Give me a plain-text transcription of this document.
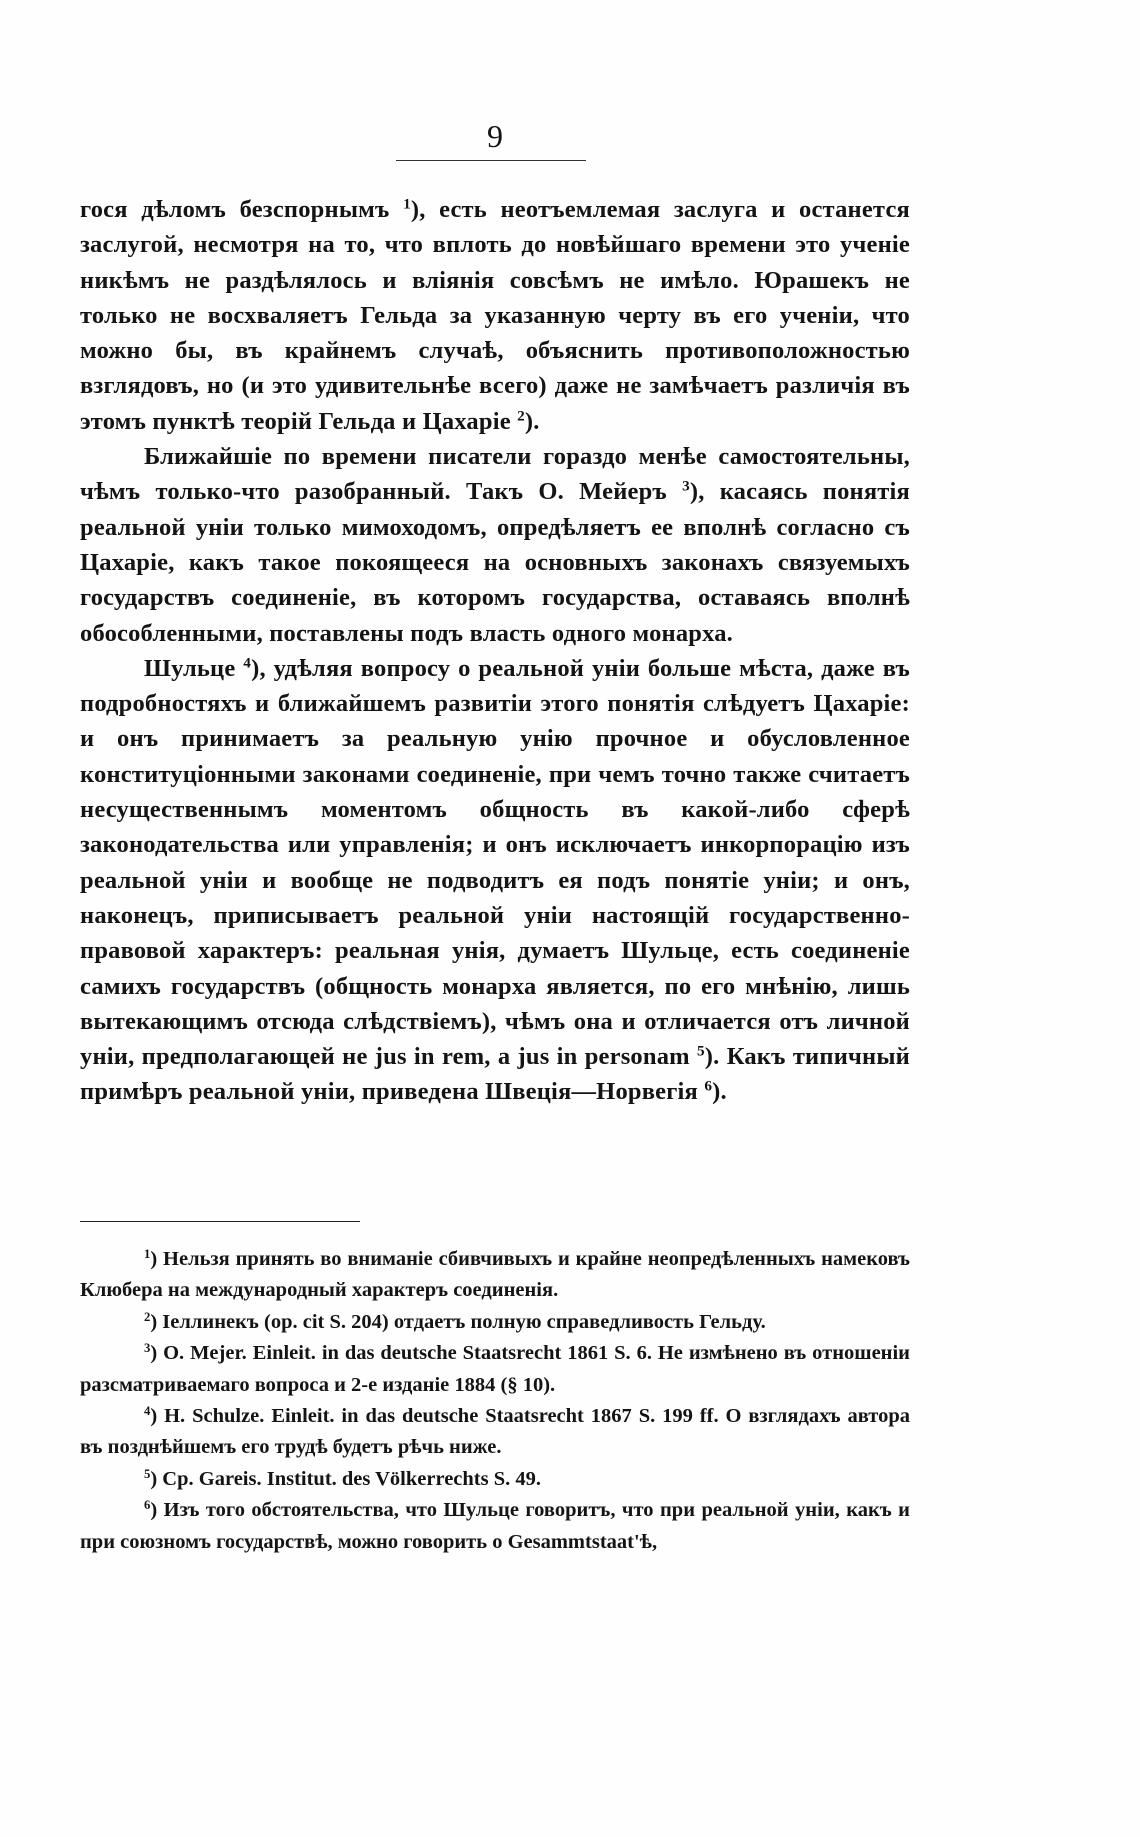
9

гося дѣломъ безспорнымъ $^1$), есть неотъемлемая заслуга и останется заслугой, несмотря на то, что вплоть до новѣйшаго времени это ученіе никѣмъ не раздѣлялось и вліянія совсѣмъ не имѣло. Юрашекъ не только не восхваляетъ Гельда за указанную черту въ его ученіи, что можно бы, въ крайнемъ случаѣ, объяснить противоположностью взглядовъ, но (и это удивительнѣе всего) даже не замѣчаетъ различія въ этомъ пунктѣ теорій Гельда и Цахаріе $^2$).

Ближайшіе по времени писатели гораздо менѣе самостоятельны, чѣмъ только-что разобранный. Такъ О. Мейеръ $^3$), касаясь понятія реальной уніи только мимоходомъ, опредѣляетъ ее вполнѣ согласно съ Цахаріе, какъ такое покоящееся на основныхъ законахъ связуемыхъ государствъ соединеніе, въ которомъ государства, оставаясь вполнѣ обособленными, поставлены подъ власть одного монарха.

Шульце $^4$), удѣляя вопросу о реальной уніи больше мѣста, даже въ подробностяхъ и ближайшемъ развитіи этого понятія слѣдуетъ Цахаріе: и онъ принимаетъ за реальную унію прочное и обусловленное конституціонными законами соединеніе, при чемъ точно также считаетъ несущественнымъ моментомъ общность въ какой-либо сферѣ законодательства или управленія; и онъ исключаетъ инкорпорацію изъ реальной уніи и вообще не подводитъ ея подъ понятіе уніи; и онъ, наконецъ, приписываетъ реальной уніи настоящій государственно-правовой характеръ: реальная унія, думаетъ Шульце, есть соединеніе самихъ государствъ (общность монарха является, по его мнѣнію, лишь вытекающимъ отсюда слѣдствіемъ), чѣмъ она и отличается отъ личной уніи, предполагающей не jus in rem, а jus in personam $^5$). Какъ типичный примѣръ реальной уніи, приведена Швеція—Норвегія $^6$).

$^1$) Нельзя принять во вниманіе сбивчивыхъ и крайне неопредѣленныхъ намековъ Клюбера на международный характеръ соединенія.

$^2$) Іеллинекъ (op. cit S. 204) отдаетъ полную справедливость Гельду.

$^3$) O. Mejer. Einleit. in das deutsche Staatsrecht 1861 S. 6. Не измѣнено въ отношеніи разсматриваемаго вопроса и 2-е изданіе 1884 (§ 10).

$^4$) H. Schulze. Einleit. in das deutsche Staatsrecht 1867 S. 199 ff. О взглядахъ автора въ позднѣйшемъ его трудѣ будетъ рѣчь ниже.

$^5$) Cp. Gareis. Institut. des Völkerrechts S. 49.

$^6$) Изъ того обстоятельства, что Шульце говоритъ, что при реальной уніи, какъ и при союзномъ государствѣ, можно говорить о Gesammtstaat'ѣ,
